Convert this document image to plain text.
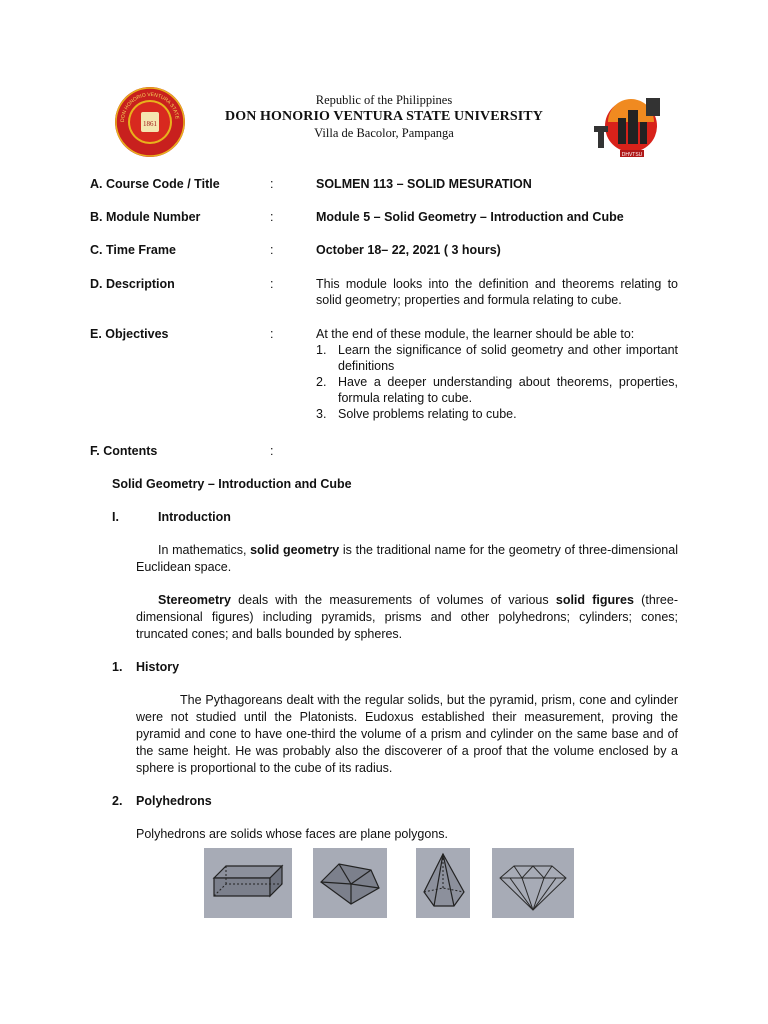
1861
DON HONORIO VENTURA STATE
Republic of the Philippines
DON HONORIO VENTURA STATE UNIVERSITY
Villa de Bacolor, Pampanga
DHVTSU
A. Course Code / Title	:	SOLMEN 113 – SOLID MESURATION
B. Module Number	:	Module 5 – Solid Geometry – Introduction and Cube
C. Time Frame	:	October 18– 22, 2021 ( 3 hours)
D. Description	:	This module looks into the definition and theorems relating to solid geometry; properties and formula relating to cube.
E. Objectives	:	At the end of these module, the learner should be able to:
1. Learn the significance of solid geometry and other important definitions
2. Have a deeper understanding about theorems, properties, formula relating to cube.
3. Solve problems relating to cube.
F. Contents	:
Solid Geometry – Introduction and Cube
I.	Introduction
In mathematics, solid geometry is the traditional name for the geometry of three-dimensional Euclidean space.
Stereometry deals with the measurements of volumes of various solid figures (three-dimensional figures) including pyramids, prisms and other polyhedrons; cylinders; cones; truncated cones; and balls bounded by spheres.
1. History
The Pythagoreans dealt with the regular solids, but the pyramid, prism, cone and cylinder were not studied until the Platonists. Eudoxus established their measurement, proving the pyramid and cone to have one-third the volume of a prism and cylinder on the same base and of the same height. He was probably also the discoverer of a proof that the volume enclosed by a sphere is proportional to the cube of its radius.
2. Polyhedrons
Polyhedrons are solids whose faces are plane polygons.
